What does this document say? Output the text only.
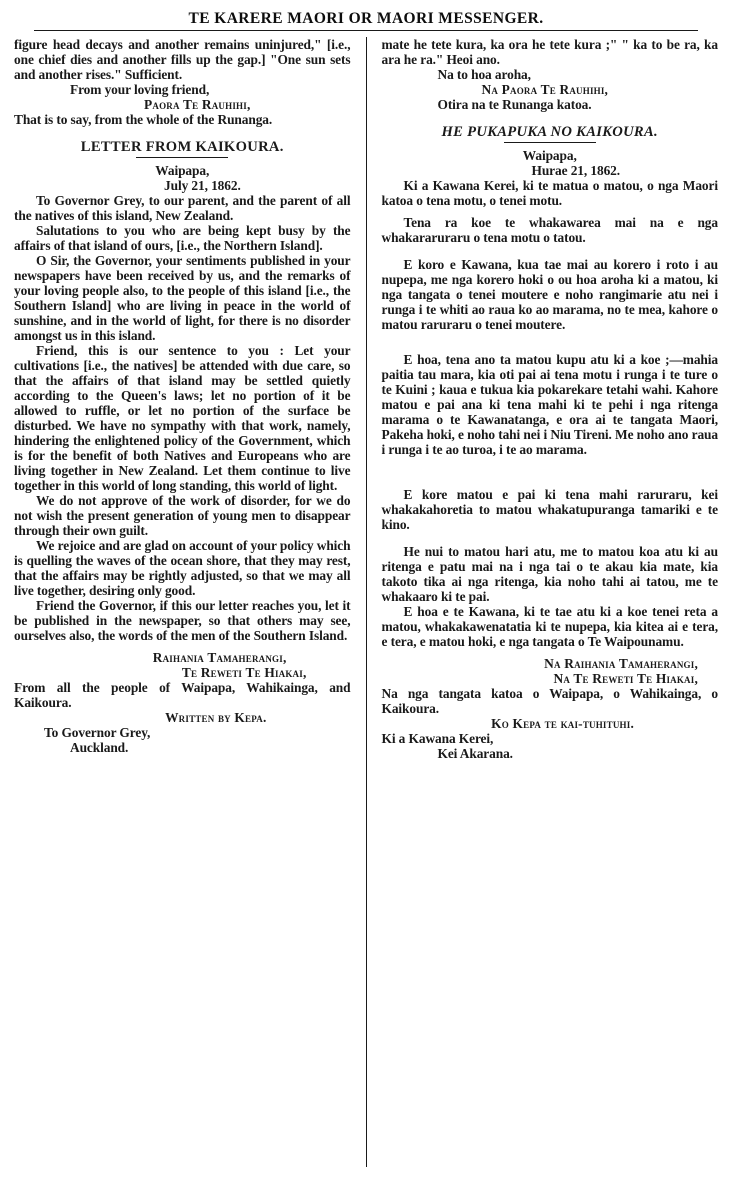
TE KARERE MAORI OR MAORI MESSENGER.

figure head decays and another remains uninjured," [i.e., one chief dies and another fills up the gap.] "One sun sets and another rises." Sufficient.

From your loving friend,

Paora Te Rauhihi,

That is to say, from the whole of the Runanga.

LETTER FROM KAIKOURA.

Waipapa,

July 21, 1862.

To Governor Grey, to our parent, and the parent of all the natives of this island, New Zealand.

Salutations to you who are being kept busy by the affairs of that island of ours, [i.e., the Northern Island].

O Sir, the Governor, your sentiments published in your newspapers have been received by us, and the remarks of your loving people also, to the people of this island [i.e., the Southern Island] who are living in peace in the world of sunshine, and in the world of light, for there is no disorder amongst us in this island.

Friend, this is our sentence to you : Let your cultivations [i.e., the natives] be attended with due care, so that the affairs of that island may be settled quietly according to the Queen's laws; let no portion of it be allowed to ruffle, or let no portion of the surface be disturbed. We have no sympathy with that work, namely, hindering the enlightened policy of the Government, which is for the benefit of both Natives and Europeans who are living together in New Zealand. Let them continue to live together in this world of long standing, this world of light.

We do not approve of the work of disorder, for we do not wish the present generation of young men to disappear through their own guilt.

We rejoice and are glad on account of your policy which is quelling the waves of the ocean shore, that they may rest, that the affairs may be rightly adjusted, so that we may all live together, desiring only good.

Friend the Governor, if this our letter reaches you, let it be published in the newspaper, so that others may see, ourselves also, the words of the men of the Southern Island.

Raihania Tamaherangi,

Te Reweti Te Hiakai,

From all the people of Waipapa, Wahikainga, and Kaikoura.

Written by Kepa.

To Governor Grey,

Auckland.

mate he tete kura, ka ora he tete kura ;" " ka to be ra, ka ara he ra." Heoi ano.

Na to hoa aroha,

Na Paora Te Rauhihi,

Otira na te Runanga katoa.

HE PUKAPUKA NO KAIKOURA.

Waipapa,

Hurae 21, 1862.

Ki a Kawana Kerei, ki te matua o matou, o nga Maori katoa o tena motu, o tenei motu.

Tena ra koe te whakawarea mai na e nga whakararuraru o tena motu o tatou.

E koro e Kawana, kua tae mai au korero i roto i au nupepa, me nga korero hoki o ou hoa aroha ki a matou, ki nga tangata o tenei moutere e noho rangimarie atu nei i runga i te whiti ao raua ko ao marama, no te mea, kahore o matou raruraru o tenei moutere.

E hoa, tena ano ta matou kupu atu ki a koe ;—mahia paitia tau mara, kia oti pai ai tena motu i runga i te ture o te Kuini ; kaua e tukua kia pokarekare tetahi wahi. Kahore matou e pai ana ki tena mahi ki te pehi i nga ritenga marama o te Kawanatanga, e ora ai te tangata Maori, Pakeha hoki, e noho tahi nei i Niu Tireni. Me noho ano raua i runga i te ao turoa, i te ao marama.

E kore matou e pai ki tena mahi raruraru, kei whakakahoretia to matou whakatupuranga tamariki e te kino.

He nui to matou hari atu, me to matou koa atu ki au ritenga e patu mai na i nga tai o te akau kia mate, kia takoto tika ai nga ritenga, kia noho tahi ai tatou, me te whakaaro ki te pai.

E hoa e te Kawana, ki te tae atu ki a koe tenei reta a matou, whakakawenatatia ki te nupepa, kia kitea ai e tera, e tera, e matou hoki, e nga tangata o Te Waipounamu.

Na Raihania Tamaherangi,

Na Te Reweti Te Hiakai,

Na nga tangata katoa o Waipapa, o Wahikainga, o Kaikoura.

Ko Kepa te kai-tuhituhi.

Ki a Kawana Kerei,

Kei Akarana.
